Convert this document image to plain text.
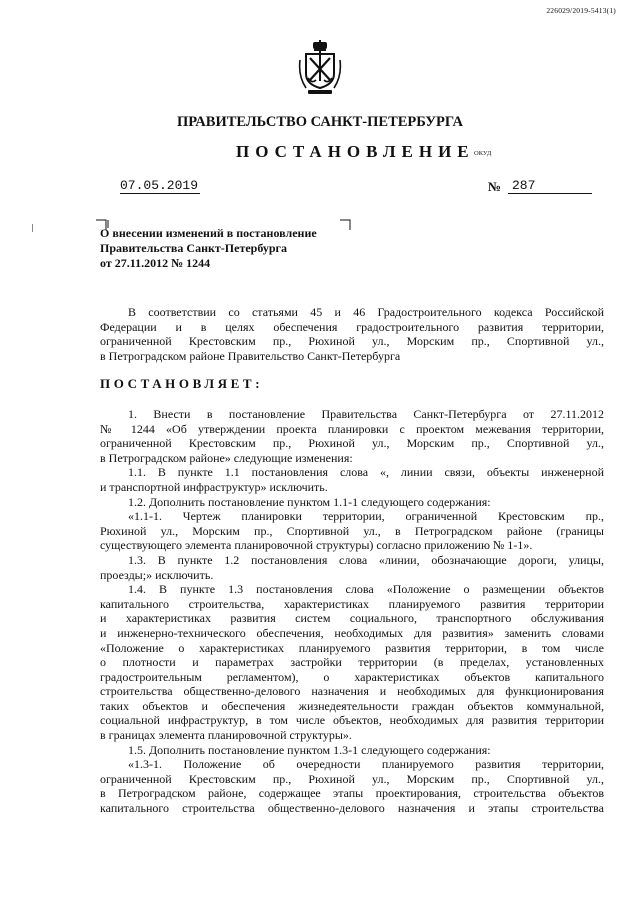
226029/2019-5413(1)
ПРАВИТЕЛЬСТВО САНКТ-ПЕТЕРБУРГА
ПОСТАНОВЛЕНИЕ ОКУД
07.05.2019	№ 287
О внесении изменений в постановление
Правительства Санкт-Петербурга
от 27.11.2012 № 1244
В соответствии со статьями 45 и 46 Градостроительного кодекса Российской
Федерации и в целях обеспечения градостроительного развития территории,
ограниченной Крестовским пр., Рюхиной ул., Морским пр., Спортивной ул.,
в Петроградском районе Правительство Санкт-Петербурга
ПОСТАНОВЛЯЕТ:
1. Внести в постановление Правительства Санкт-Петербурга от 27.11.2012
№ 1244 «Об утверждении проекта планировки с проектом межевания территории,
ограниченной Крестовским пр., Рюхиной ул., Морским пр., Спортивной ул.,
в Петроградском районе» следующие изменения:
1.1. В пункте 1.1 постановления слова «, линии связи, объекты инженерной
и транспортной инфраструктур» исключить.
1.2. Дополнить постановление пунктом 1.1-1 следующего содержания:
«1.1-1. Чертеж планировки территории, ограниченной Крестовским пр.,
Рюхиной ул., Морским пр., Спортивной ул., в Петроградском районе (границы
существующего элемента планировочной структуры) согласно приложению № 1-1».
1.3. В пункте 1.2 постановления слова «линии, обозначающие дороги, улицы,
проезды;» исключить.
1.4. В пункте 1.3 постановления слова «Положение о размещении объектов
капитального строительства, характеристиках планируемого развития территории
и характеристиках развития систем социального, транспортного обслуживания
и инженерно-технического обеспечения, необходимых для развития» заменить словами
«Положение о характеристиках планируемого развития территории, в том числе
о плотности и параметрах застройки территории (в пределах, установленных
градостроительным регламентом), о характеристиках объектов капитального
строительства общественно-делового назначения и необходимых для функционирования
таких объектов и обеспечения жизнедеятельности граждан объектов коммунальной,
социальной инфраструктур, в том числе объектов, необходимых для развития территории
в границах элемента планировочной структуры».
1.5. Дополнить постановление пунктом 1.3-1 следующего содержания:
«1.3-1. Положение об очередности планируемого развития территории,
ограниченной Крестовским пр., Рюхиной ул., Морским пр., Спортивной ул.,
в Петроградском районе, содержащее этапы проектирования, строительства объектов
капитального строительства общественно-делового назначения и этапы строительства
